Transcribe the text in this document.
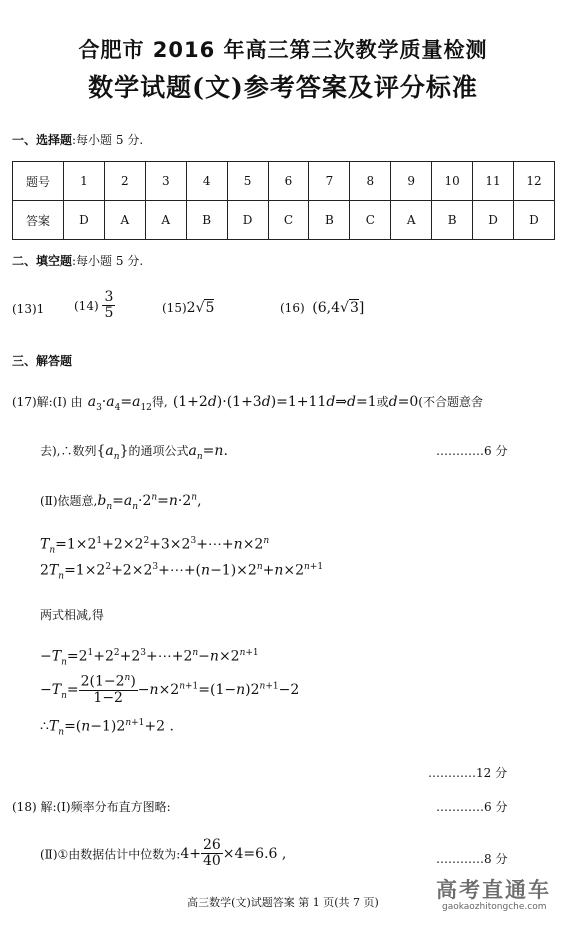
合肥市 2016 年高三第三次教学质量检测
数学试题(文)参考答案及评分标准
一、选择题:每小题 5 分.
题号	1	2	3	4	5	6	7	8	9	10	11	12
答案	D	A	A	B	D	C	B	C	A	B	D	D
二、填空题:每小题 5 分.
(13)1 $(14) \frac{3}{5}$	(15)2√5	(16) (6,4√3]
三、解答题
(17)解:(Ⅰ) 由 $a_3\cdot a_4=a_{12}$得, (1+2d)·(1+3d)=1+11d⇒d=1或d=0(不合题意舍
去),∴数列$\{a_n\}$的通项公式$a_n=n$.	…………6 分
(Ⅱ)依题意$,b_n=a_n\cdot 2^n=n\cdot 2^n$,
$T_n=1\times 2^1+2\times 2^2+3\times 2^3+\cdots+n\times 2^n$
$2T_n=1\times 2^2+2\times 2^3+\cdots+(n-1)\times 2^n+n\times 2^{n+1}$
两式相减,得
$-T_n=2^1+2^2+2^3+\cdots+2^n-n\times 2^{n+1}$
$-T_n= \frac{2(1-2^n)}{1-2} -n\times 2^{n+1}=(1-n)2^{n+1}-2$
$\therefore T_n=(n-1)2^{n+1}+2$ .
…………12 分
(18) 解:(Ⅰ)频率分布直方图略:	…………6 分
(Ⅱ)①由数据估计中位数为:4+ $\frac{26}{40} \times 4=6.6$ ,	…………8 分
高三数学(文)试题答案 第 1 页(共 7 页)
高考直通车
gaokaozhitongche.com
